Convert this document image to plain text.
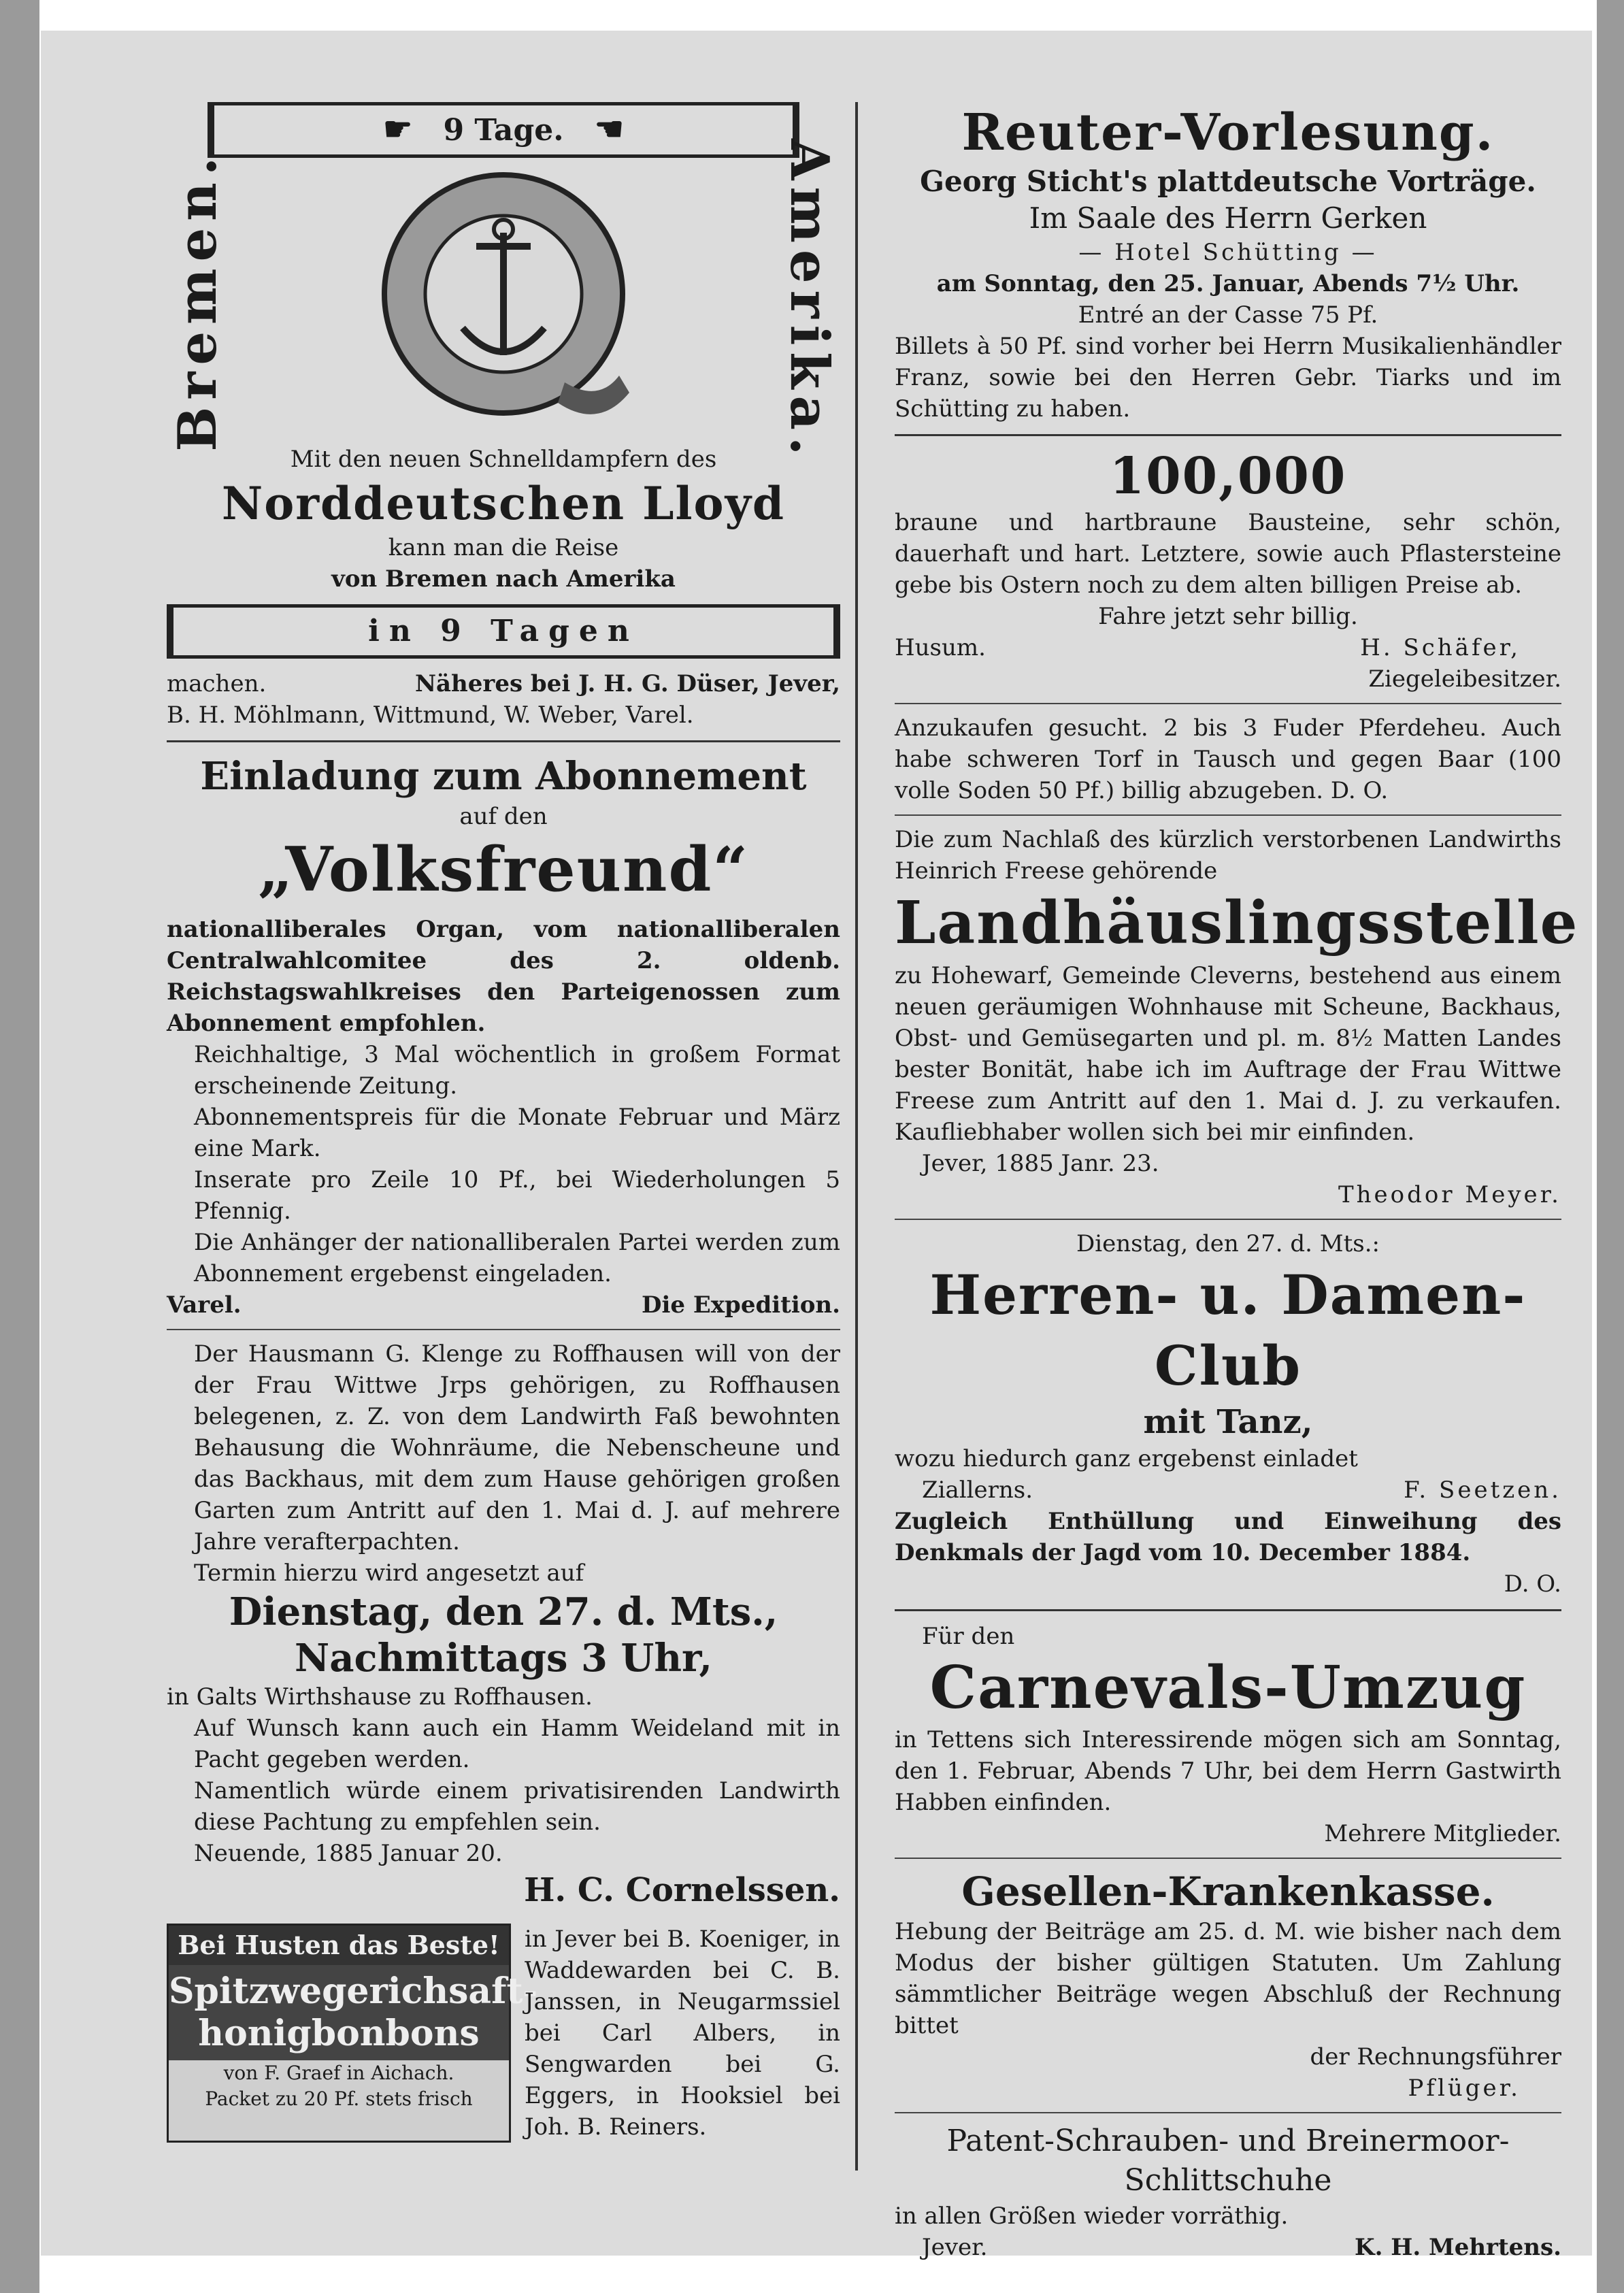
☛ 9 Tage. ☚
Bremen.	Amerika.

Mit den neuen Schnelldampfern des

Norddeutschen Lloyd

kann man die Reise

von Bremen nach Amerika

in 9 Tagen

machen.	Näheres bei J. H. G. Düser, Jever,

B. H. Möhlmann, Wittmund, W. Weber, Varel.

Einladung zum Abonnement

auf den

„Volksfreund“

nationalliberales Organ, vom nationalliberalen Centralwahlcomitee des 2. oldenb. Reichstagswahlkreises den Parteigenossen zum Abonnement empfohlen.

Reichhaltige, 3 Mal wöchentlich in großem Format erscheinende Zeitung.

Abonnementspreis für die Monate Februar und März eine Mark.

Inserate pro Zeile 10 Pf., bei Wiederholungen 5 Pfennig.

Die Anhänger der nationalliberalen Partei werden zum Abonnement ergebenst eingeladen.

Varel.	Die Expedition.

Der Hausmann G. Klenge zu Roffhausen will von der der Frau Wittwe Jrps gehörigen, zu Roffhausen belegenen, z. Z. von dem Landwirth Faß bewohnten Behausung die Wohnräume, die Nebenscheune und das Backhaus, mit dem zum Hause gehörigen großen Garten zum Antritt auf den 1. Mai d. J. auf mehrere Jahre verafterpachten.

Termin hierzu wird angesetzt auf

Dienstag, den 27. d. Mts.,

Nachmittags 3 Uhr,

in Galts Wirthshause zu Roffhausen.

Auf Wunsch kann auch ein Hamm Weideland mit in Pacht gegeben werden.

Namentlich würde einem privatisirenden Landwirth diese Pachtung zu empfehlen sein.

Neuende, 1885 Januar 20.

H. C. Cornelssen.

Bei Husten das Beste!
Spitzwegerichsaft-honigbonbons

von F. Graef in Aichach.

Packet zu 20 Pf. stets frisch

in Jever bei B. Koeniger, in Waddewarden bei C. B. Janssen, in Neugarmssiel bei Carl Albers, in Sengwarden bei G. Eggers, in Hooksiel bei Joh. B. Reiners.

Reuter-Vorlesung.

Georg Sticht's plattdeutsche Vorträge.

Im Saale des Herrn Gerken

— Hotel Schütting —

am Sonntag, den 25. Januar, Abends 7½ Uhr.

Entré an der Casse 75 Pf.

Billets à 50 Pf. sind vorher bei Herrn Musikalienhändler Franz, sowie bei den Herren Gebr. Tiarks und im Schütting zu haben.

100,000

braune und hartbraune Bausteine, sehr schön, dauerhaft und hart. Letztere, sowie auch Pflastersteine gebe bis Ostern noch zu dem alten billigen Preise ab.

Fahre jetzt sehr billig.

Husum.	H. Schäfer,

Ziegeleibesitzer.

Anzukaufen gesucht. 2 bis 3 Fuder Pferdeheu. Auch habe schweren Torf in Tausch und gegen Baar (100 volle Soden 50 Pf.) billig abzugeben. D. O.

Die zum Nachlaß des kürzlich verstorbenen Landwirths Heinrich Freese gehörende

Landhäuslingsstelle

zu Hohewarf, Gemeinde Cleverns, bestehend aus einem neuen geräumigen Wohnhause mit Scheune, Backhaus, Obst- und Gemüsegarten und pl. m. 8½ Matten Landes bester Bonität, habe ich im Auftrage der Frau Wittwe Freese zum Antritt auf den 1. Mai d. J. zu verkaufen. Kaufliebhaber wollen sich bei mir einfinden.

Jever, 1885 Janr. 23.

Theodor Meyer.

Dienstag, den 27. d. Mts.:

Herren- u. Damen-Club

mit Tanz,

wozu hiedurch ganz ergebenst einladet

Ziallerns.	F. Seetzen.

Zugleich Enthüllung und Einweihung des Denkmals der Jagd vom 10. December 1884.

D. O.

Für den

Carnevals-Umzug

in Tettens sich Interessirende mögen sich am Sonntag, den 1. Februar, Abends 7 Uhr, bei dem Herrn Gastwirth Habben einfinden.

Mehrere Mitglieder.

Gesellen-Krankenkasse.

Hebung der Beiträge am 25. d. M. wie bisher nach dem Modus der bisher gültigen Statuten. Um Zahlung sämmtlicher Beiträge wegen Abschluß der Rechnung bittet

der Rechnungsführer

Pflüger.

Patent-Schrauben- und Breinermoor-

Schlittschuhe

in allen Größen wieder vorräthig.

Jever.	K. H. Mehrtens.
